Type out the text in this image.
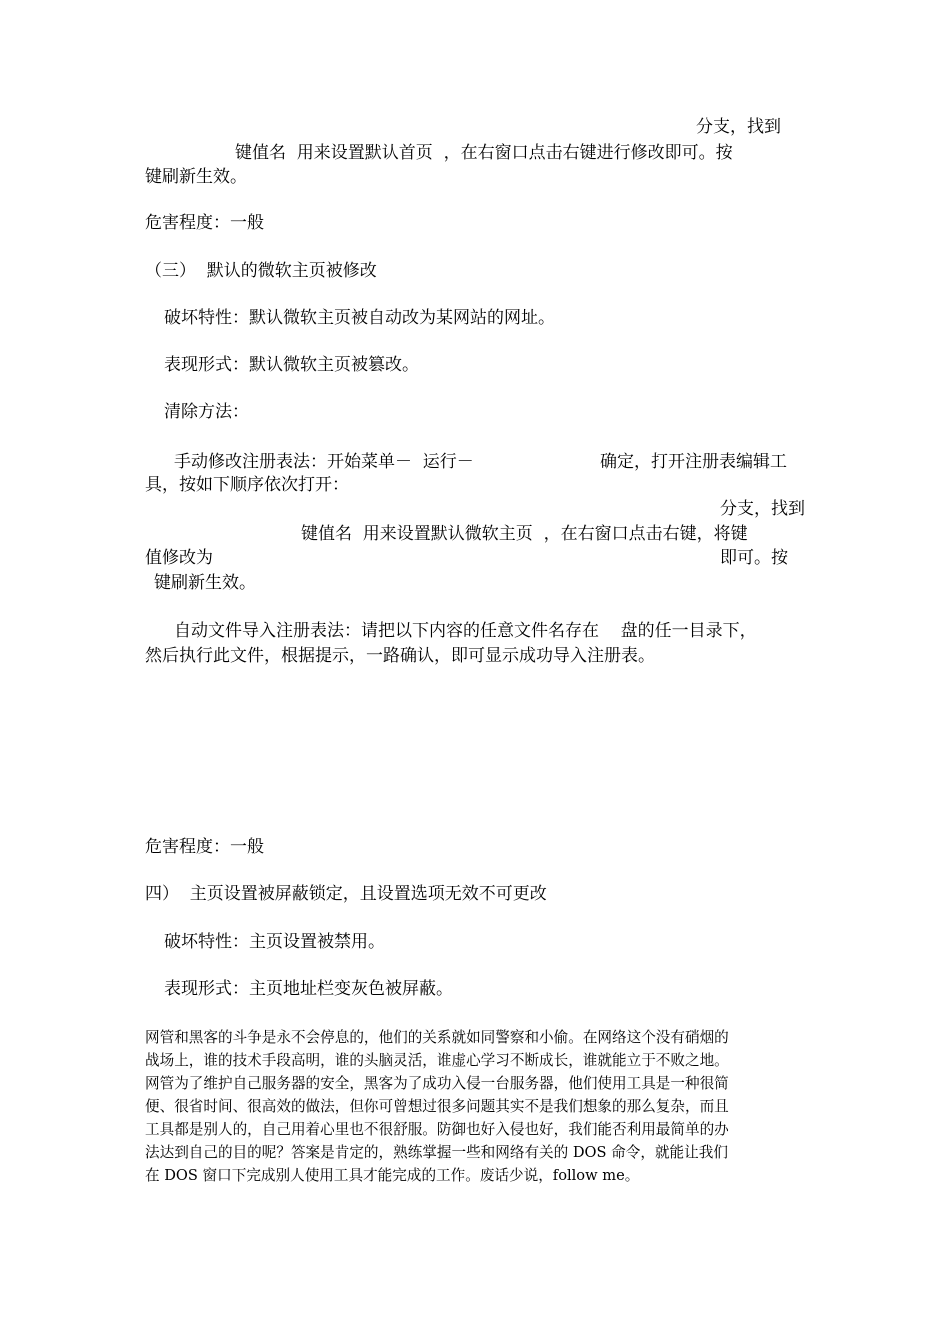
分支，找到
键值名  用来设置默认首页  ，在右窗口点击右键进行修改即可。按
键刷新生效。
危害程度：一般
（三）  默认的微软主页被修改
破坏特性：默认微软主页被自动改为某网站的网址。
表现形式：默认微软主页被篡改。
清除方法：
手动修改注册表法：开始菜单－  运行－	确定，打开注册表编辑工
具，按如下顺序依次打开：
分支，找到
键值名  用来设置默认微软主页  ，在右窗口点击右键，将键
值修改为	即可。按
键刷新生效。
自动文件导入注册表法：请把以下内容的任意文件名存在    盘的任一目录下，
然后执行此文件，根据提示，一路确认，即可显示成功导入注册表。
危害程度：一般
四）  主页设置被屏蔽锁定，且设置选项无效不可更改
破坏特性：主页设置被禁用。
表现形式：主页地址栏变灰色被屏蔽。
网管和黑客的斗争是永不会停息的，他们的关系就如同警察和小偷。在网络这个没有硝烟的
战场上，谁的技术手段高明，谁的头脑灵活，谁虚心学习不断成长，谁就能立于不败之地。
网管为了维护自己服务器的安全，黑客为了成功入侵一台服务器，他们使用工具是一种很简
便、很省时间、很高效的做法，但你可曾想过很多问题其实不是我们想象的那么复杂，而且
工具都是别人的，自己用着心里也不很舒服。防御也好入侵也好，我们能否利用最简单的办
法达到自己的目的呢？答案是肯定的，熟练掌握一些和网络有关的 DOS 命令，就能让我们
在 DOS 窗口下完成别人使用工具才能完成的工作。废话少说，follow me。
